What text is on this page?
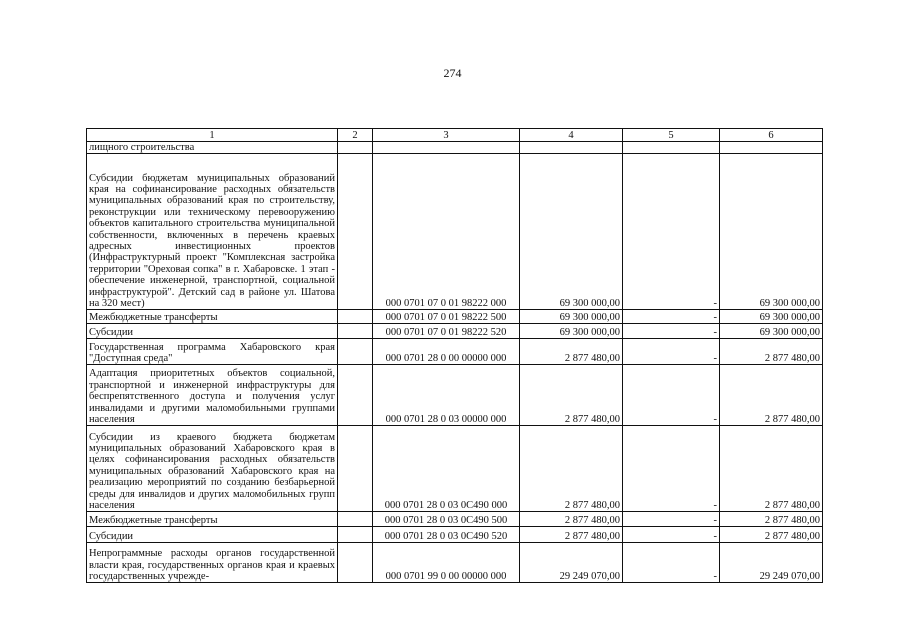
274
1	2	3	4	5	6
лищного строительства					
Субсидии бюджетам муниципальных образований края на софинансирование расходных обязательств муниципальных образований края по строительству, реконструкции или техническому перевооружению объектов капитального строительства муниципальной собственности, включенных в перечень краевых адресных инвестиционных проектов (Инфраструктурный проект "Комплексная застройка территории "Ореховая сопка" в г. Хабаровске. 1 этап - обеспечение инженерной, транспортной, социальной инфраструктурой". Детский сад в районе ул. Шатова на 320 мест)		000 0701 07 0 01 98222 000	69 300 000,00	-	69 300 000,00
Межбюджетные трансферты		000 0701 07 0 01 98222 500	69 300 000,00	-	69 300 000,00
Субсидии		000 0701 07 0 01 98222 520	69 300 000,00	-	69 300 000,00
Государственная программа Хабаровского края "Доступная среда"		000 0701 28 0 00 00000 000	2 877 480,00	-	2 877 480,00
Адаптация приоритетных объектов социальной, транспортной и инженерной инфраструктуры для беспрепятственного доступа и получения услуг инвалидами и другими маломобильными группами населения		000 0701 28 0 03 00000 000	2 877 480,00	-	2 877 480,00
Субсидии из краевого бюджета бюджетам муниципальных образований Хабаровского края в целях софинансирования расходных обязательств муниципальных образований Хабаровского края на реализацию мероприятий по созданию безбарьерной среды для инвалидов и других маломобильных групп населения		000 0701 28 0 03 0С490 000	2 877 480,00	-	2 877 480,00
Межбюджетные трансферты		000 0701 28 0 03 0С490 500	2 877 480,00	-	2 877 480,00
Субсидии		000 0701 28 0 03 0С490 520	2 877 480,00	-	2 877 480,00
Непрограммные расходы органов государственной власти края, государственных органов края и краевых государственных учрежде-		000 0701 99 0 00 00000 000	29 249 070,00	-	29 249 070,00
